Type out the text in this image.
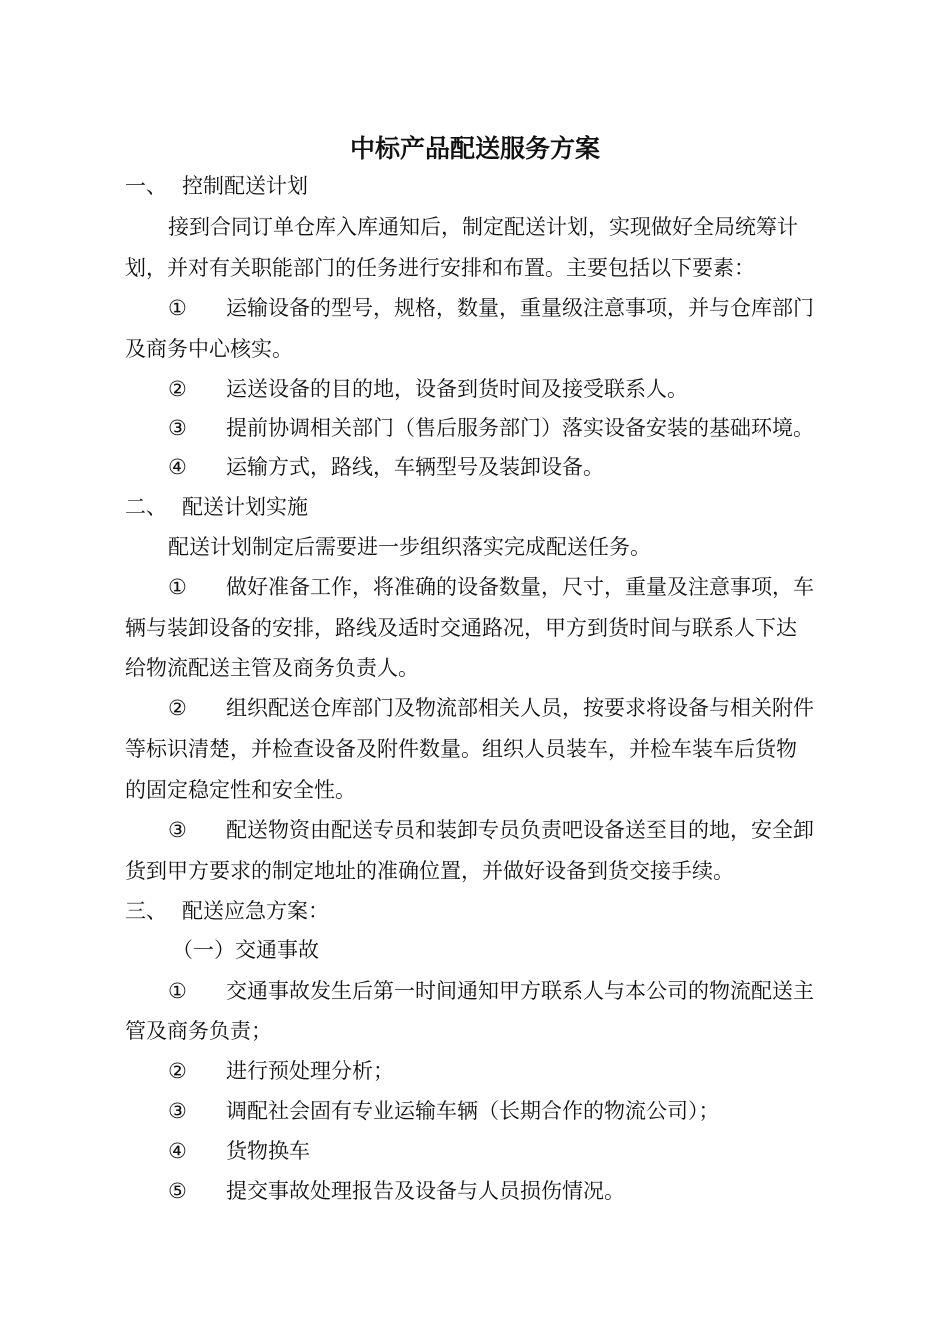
中标产品配送服务方案
一、 控制配送计划
接到合同订单仓库入库通知后，制定配送计划，实现做好全局统筹计
划，并对有关职能部门的任务进行安排和布置。主要包括以下要素：
① 运输设备的型号，规格，数量，重量级注意事项，并与仓库部门
及商务中心核实。
② 运送设备的目的地，设备到货时间及接受联系人。
③ 提前协调相关部门（售后服务部门）落实设备安装的基础环境。
④ 运输方式，路线，车辆型号及装卸设备。
二、 配送计划实施
配送计划制定后需要进一步组织落实完成配送任务。
① 做好准备工作，将准确的设备数量，尺寸，重量及注意事项，车
辆与装卸设备的安排，路线及适时交通路况，甲方到货时间与联系人下达
给物流配送主管及商务负责人。
② 组织配送仓库部门及物流部相关人员，按要求将设备与相关附件
等标识清楚，并检查设备及附件数量。组织人员装车，并检车装车后货物
的固定稳定性和安全性。
③ 配送物资由配送专员和装卸专员负责吧设备送至目的地，安全卸
货到甲方要求的制定地址的准确位置，并做好设备到货交接手续。
三、 配送应急方案：
（一）交通事故
① 交通事故发生后第一时间通知甲方联系人与本公司的物流配送主
管及商务负责；
② 进行预处理分析；
③ 调配社会固有专业运输车辆（长期合作的物流公司）；
④ 货物换车
⑤ 提交事故处理报告及设备与人员损伤情况。
